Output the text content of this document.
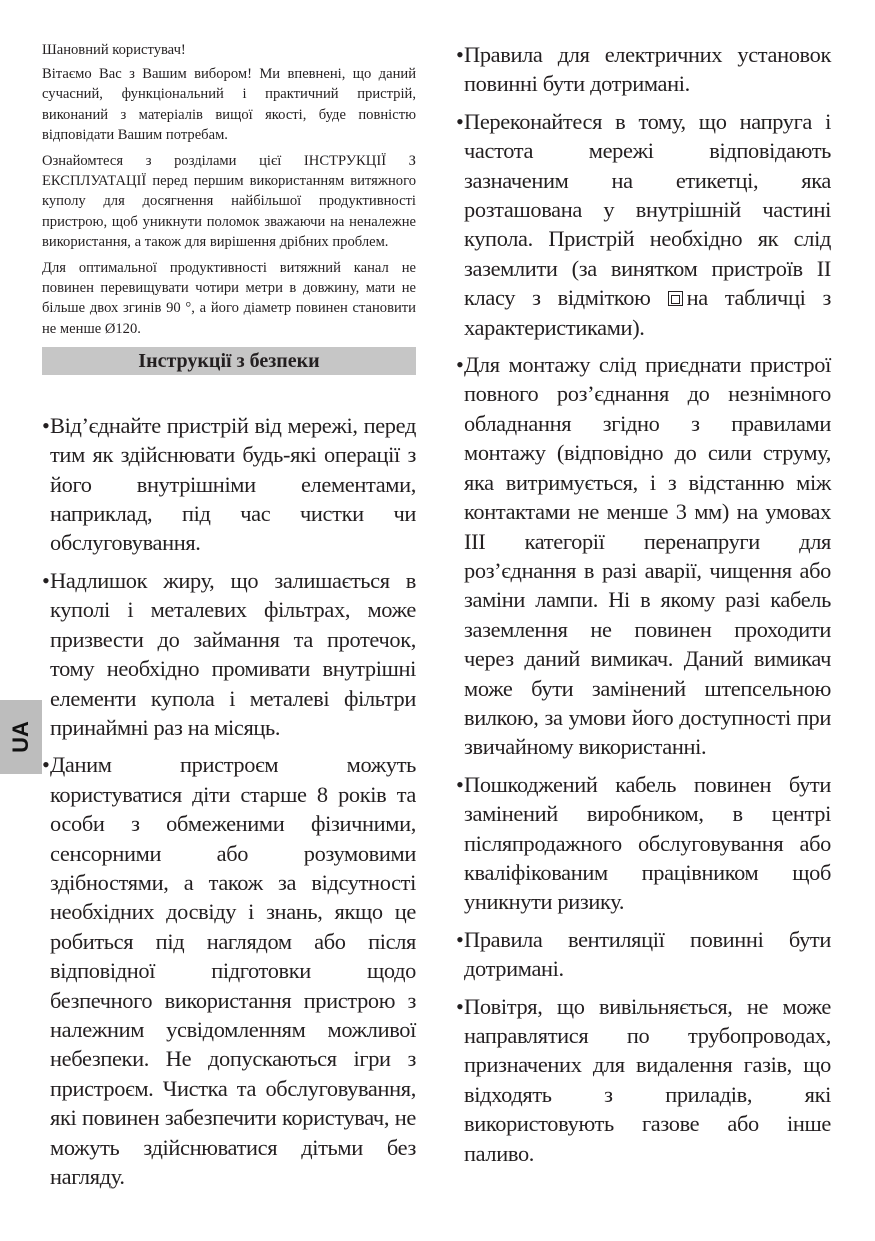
Шановний користувач!

Вітаємо Вас з Вашим вибором! Ми впевнені, що даний сучасний, функціональний і практичний пристрій, виконаний з матеріалів вищої якості, буде повністю відповідати Вашим потребам.

Ознайомтеся з розділами цієї ІНСТРУКЦІЇ З ЕКСПЛУАТАЦІЇ перед першим використанням витяжного куполу для досягнення найбільшої продуктивності пристрою, щоб уникнути поломок зважаючи на неналежне використання, а також для вирішення дрібних проблем.

Для оптимальної продуктивності витяжний канал не повинен перевищувати чотири метри в довжину, мати не більше двох згинів 90 °, а його діаметр повинен становити не менше Ø120.

Інструкції з безпеки
• Від’єднайте пристрій від мережі, перед тим як здійснювати будь-які операції з його внутрішніми елементами, наприклад, під час чистки чи обслуговування.
• Надлишок жиру, що залишається в куполі і металевих фільтрах, може призвести до займання та протечок, тому необхідно промивати внутрішні елементи купола і металеві фільтри принаймні раз на місяць.
• Даним пристроєм можуть користуватися діти старше 8 років та особи з обмеженими фізичними, сенсорними або розумовими здібностями, а також за відсутності необхідних досвіду і знань, якщо це робиться під наглядом або після відповідної підготовки щодо безпечного використання пристрою з належним усвідомленням можливої небезпеки. Не допускаються ігри з пристроєм. Чистка та обслуговування, які повинен забезпечити користувач, не можуть здійснюватися дітьми без нагляду.
• Правила для електричних установок повинні бути дотримані.
• Переконайтеся в тому, що напруга і частота мережі відповідають зазначеним на етикетці, яка розташована у внутрішній частині купола. Пристрій необхідно як слід заземлити (за винятком пристроїв II класу з відміткою на табличці з характеристиками).
• Для монтажу слід приєднати пристрої повного роз’єднання до незнімного обладнання згідно з правилами монтажу (відповідно до сили струму, яка витримується, і з відстанню між контактами не менше 3 мм) на умовах III категорії перенапруги для роз’єднання в разі аварії, чищення або заміни лампи. Ні в якому разі кабель заземлення не повинен проходити через даний вимикач. Даний вимикач може бути замінений штепсельною вилкою, за умови його доступності при звичайному використанні.
• Пошкоджений кабель повинен бути замінений виробником, в центрі післяпродажного обслуговування або кваліфікованим працівником щоб уникнути ризику.
• Правила вентиляції повинні бути дотримані.
• Повітря, що вивільняється, не може направлятися по трубопроводах, призначених для видалення газів, що відходять з приладів, які використовують газове або інше паливо.
UA
